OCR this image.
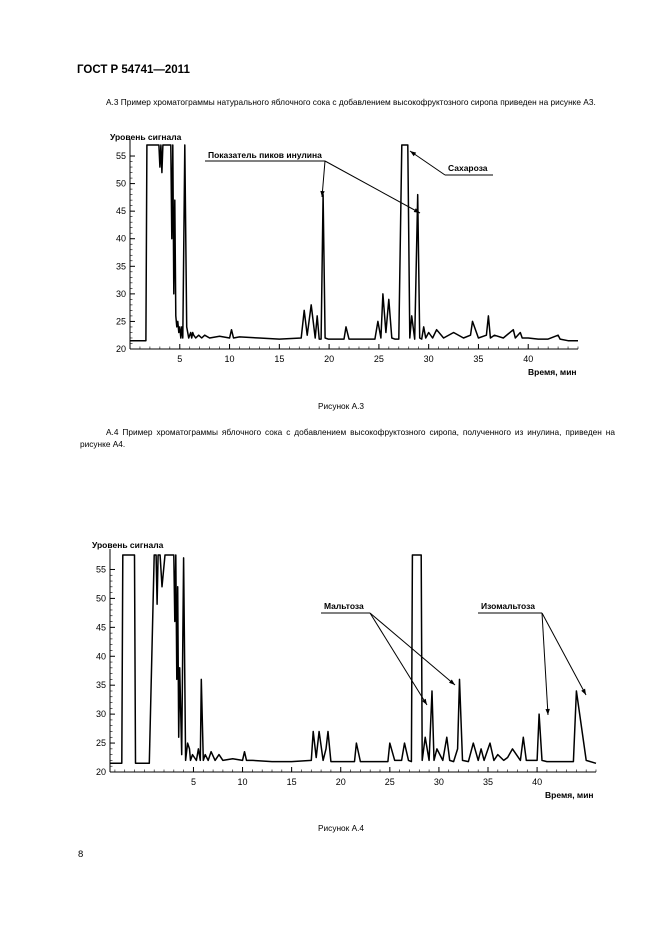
ГОСТ Р 54741—2011
А.3 Пример хроматограммы натурального яблочного сока с добавлением высокофруктозного сиропа приведен на рисунке А3.
20
25
30
35
40
45
50
55
5	10	15	20	25	30	35	40
Уровень сигнала
Время, мин
Показатель пиков инулина
Сахароза
Рисунок А.3
А.4 Пример хроматограммы яблочного сока с добавлением высокофруктозного сиропа, полученного из инулина, приведен на рисунке А4.
20
25
30
35
40
45
50
55
5	10	15	20	25	30	35	40
Уровень сигнала
Время, мин
Мальтоза	Изомальтоза
Рисунок А.4
8
